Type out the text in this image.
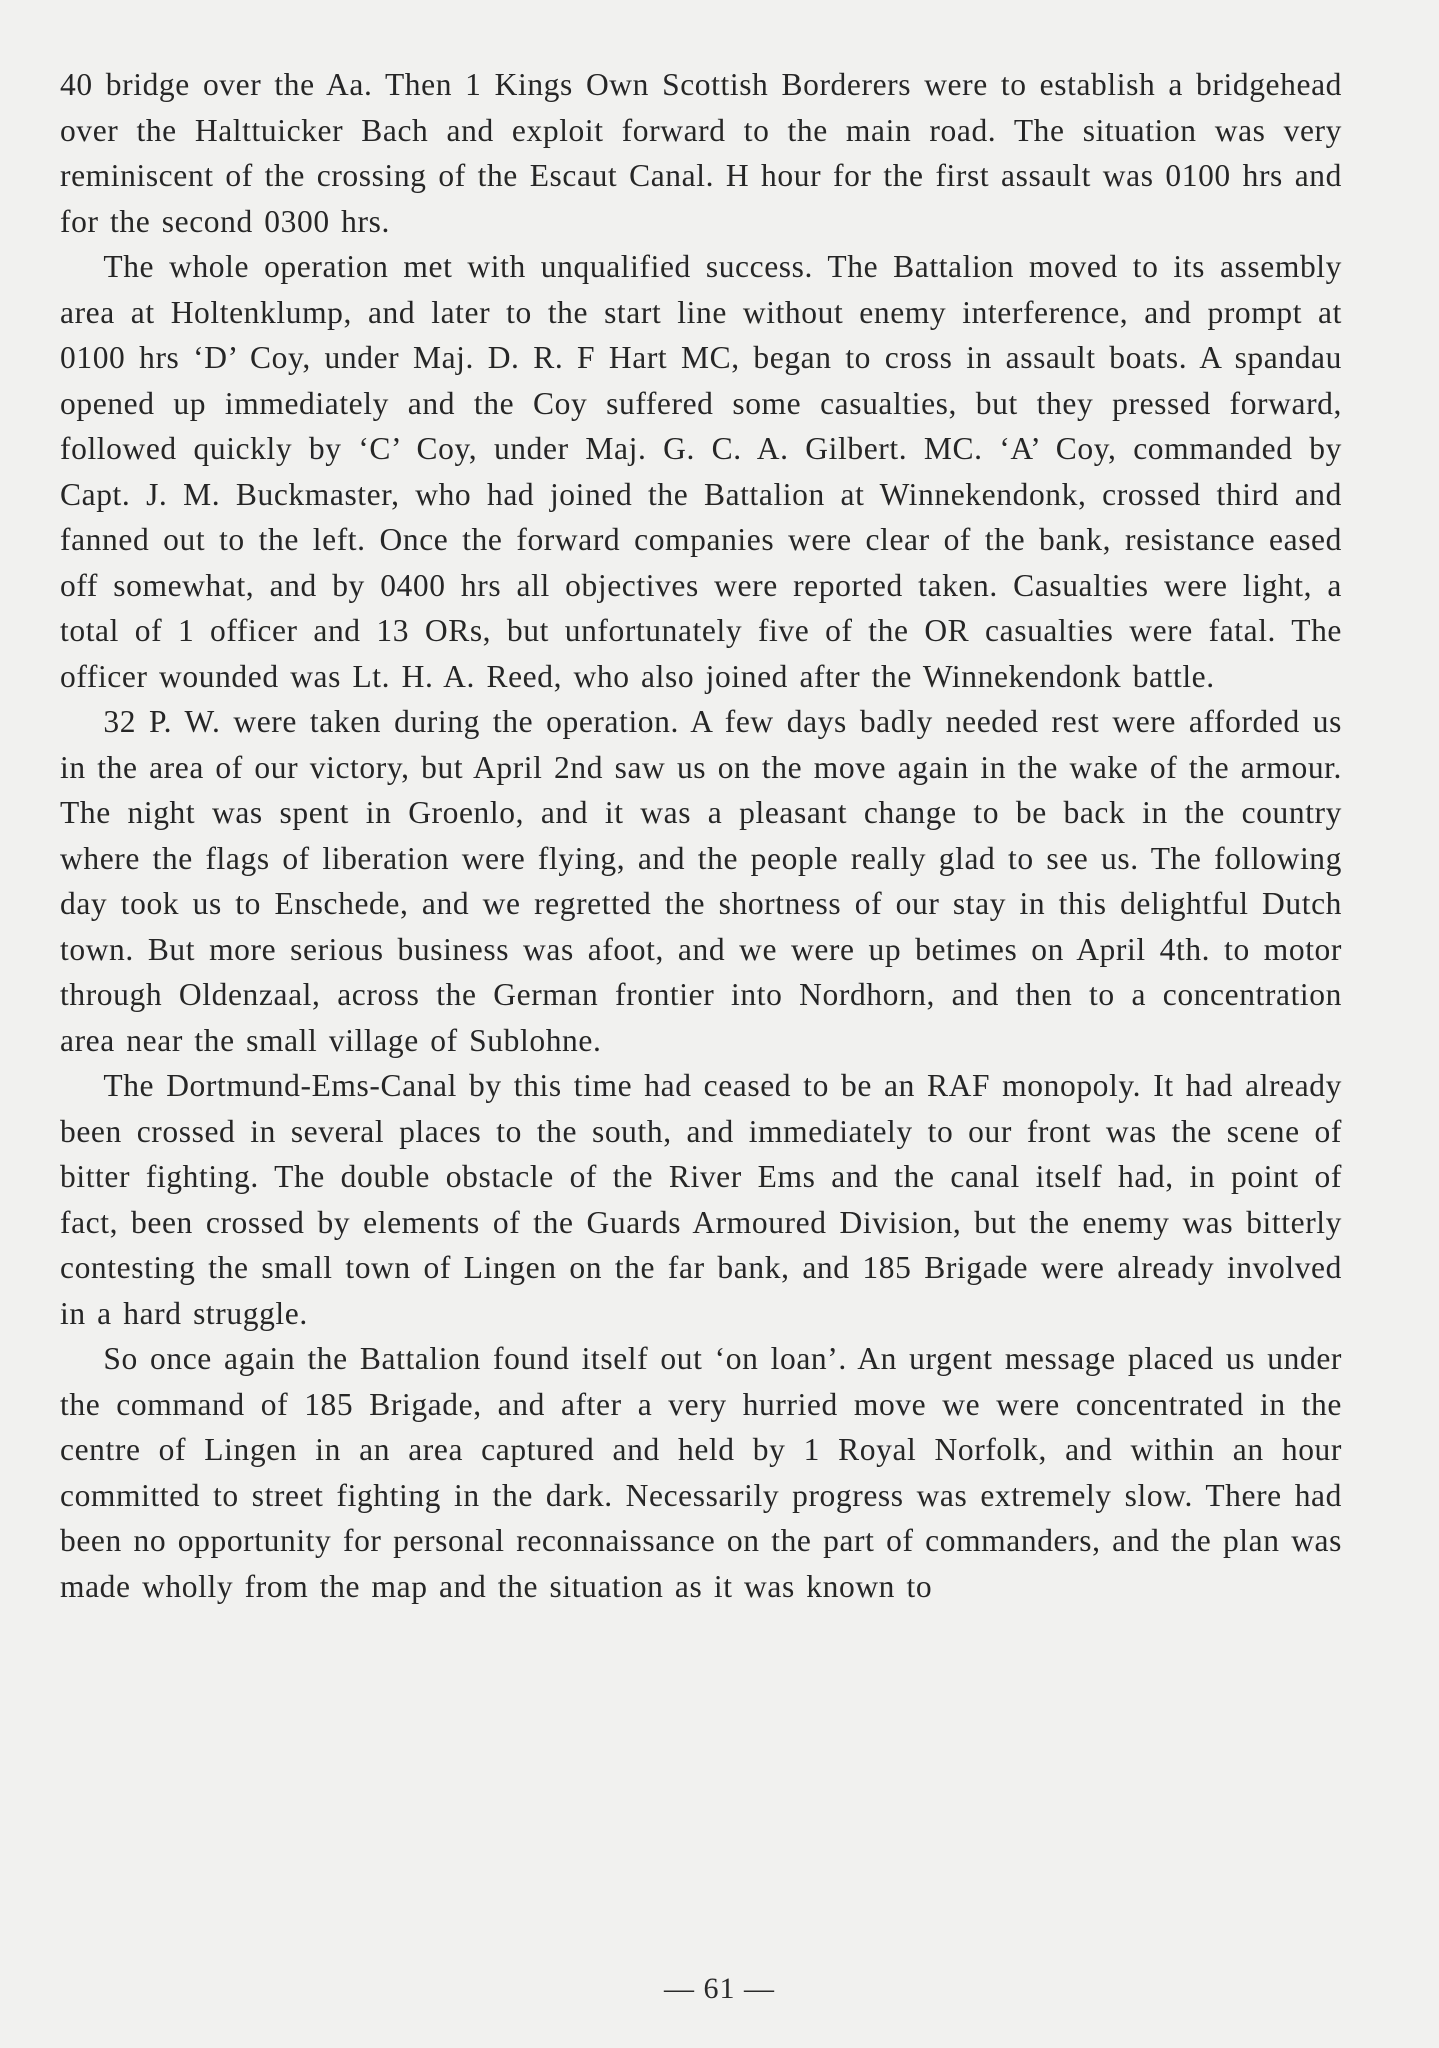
40 bridge over the Aa. Then 1 Kings Own Scottish Borderers were to establish a bridgehead over the Halttuicker Bach and exploit forward to the main road. The situation was very reminiscent of the crossing of the Escaut Canal. H hour for the first assault was 0100 hrs and for the second 0300 hrs.

The whole operation met with unqualified success. The Battalion moved to its assembly area at Holtenklump, and later to the start line without enemy interference, and prompt at 0100 hrs ‘D’ Coy, under Maj. D. R. F Hart MC, began to cross in assault boats. A spandau opened up immediately and the Coy suffered some casualties, but they pressed forward, followed quickly by ‘C’ Coy, under Maj. G. C. A. Gilbert. MC. ‘A’ Coy, commanded by Capt. J. M. Buckmaster, who had joined the Battalion at Winnekendonk, crossed third and fanned out to the left. Once the forward companies were clear of the bank, resistance eased off somewhat, and by 0400 hrs all objectives were reported taken. Casualties were light, a total of 1 officer and 13 ORs, but unfortunately five of the OR casualties were fatal. The officer wounded was Lt. H. A. Reed, who also joined after the Winnekendonk battle.

32 P. W. were taken during the operation. A few days badly needed rest were afforded us in the area of our victory, but April 2nd saw us on the move again in the wake of the armour. The night was spent in Groenlo, and it was a pleasant change to be back in the country where the flags of liberation were flying, and the people really glad to see us. The following day took us to Enschede, and we regretted the shortness of our stay in this delightful Dutch town. But more serious business was afoot, and we were up betimes on April 4th. to motor through Oldenzaal, across the German frontier into Nordhorn, and then to a concentration area near the small village of Sublohne.

The Dortmund-Ems-Canal by this time had ceased to be an RAF monopoly. It had already been crossed in several places to the south, and immediately to our front was the scene of bitter fighting. The double obstacle of the River Ems and the canal itself had, in point of fact, been crossed by elements of the Guards Armoured Division, but the enemy was bitterly contesting the small town of Lingen on the far bank, and 185 Brigade were already involved in a hard struggle.

So once again the Battalion found itself out ‘on loan’. An urgent message placed us under the command of 185 Brigade, and after a very hurried move we were concentrated in the centre of Lingen in an area captured and held by 1 Royal Norfolk, and within an hour committed to street fighting in the dark. Necessarily progress was extremely slow. There had been no opportunity for personal reconnaissance on the part of commanders, and the plan was made wholly from the map and the situation as it was known to

— 61 —
